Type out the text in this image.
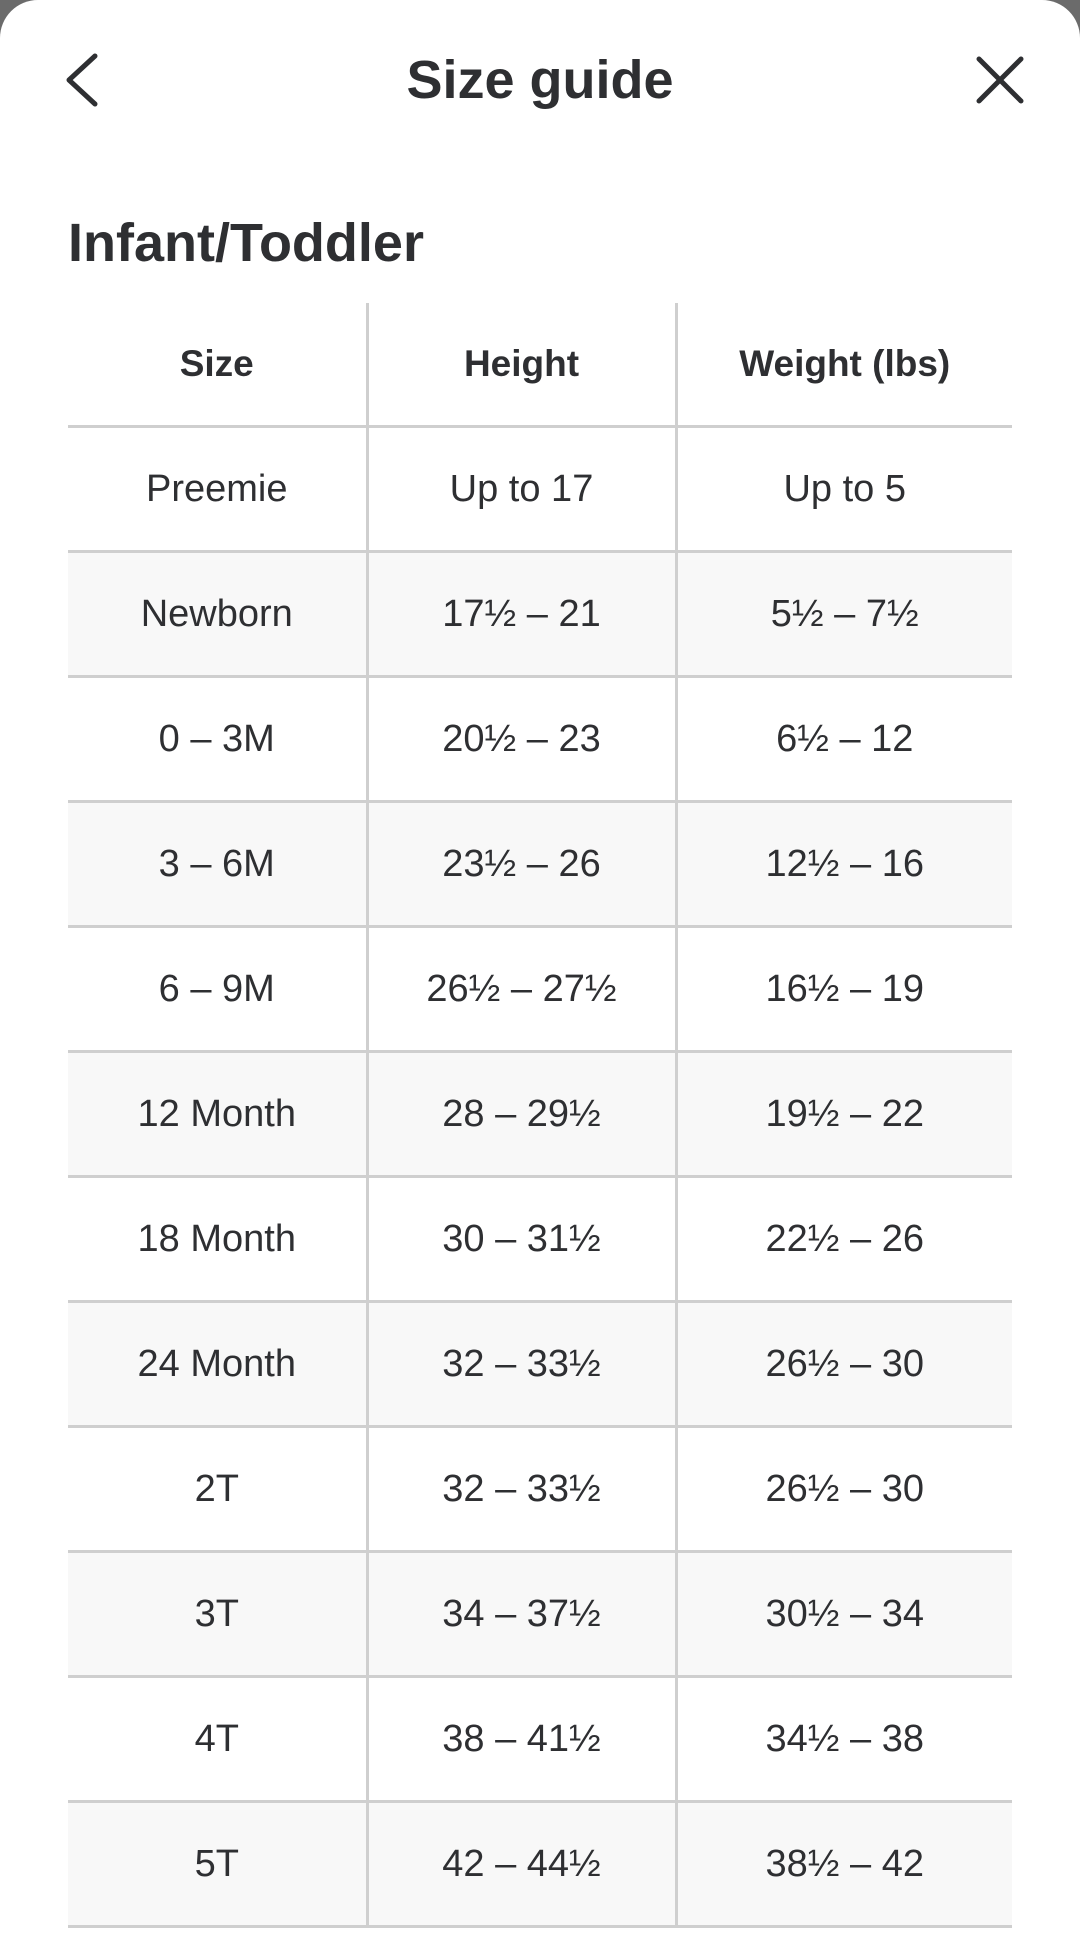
Size guide
Infant/Toddler
Size	Height	Weight (lbs)
Preemie	Up to 17	Up to 5
Newborn	17½ – 21	5½ – 7½
0 – 3M	20½ – 23	6½ – 12
3 – 6M	23½ – 26	12½ – 16
6 – 9M	26½ – 27½	16½ – 19
12 Month	28 – 29½	19½ – 22
18 Month	30 – 31½	22½ – 26
24 Month	32 – 33½	26½ – 30
2T	32 – 33½	26½ – 30
3T	34 – 37½	30½ – 34
4T	38 – 41½	34½ – 38
5T	42 – 44½	38½ – 42
